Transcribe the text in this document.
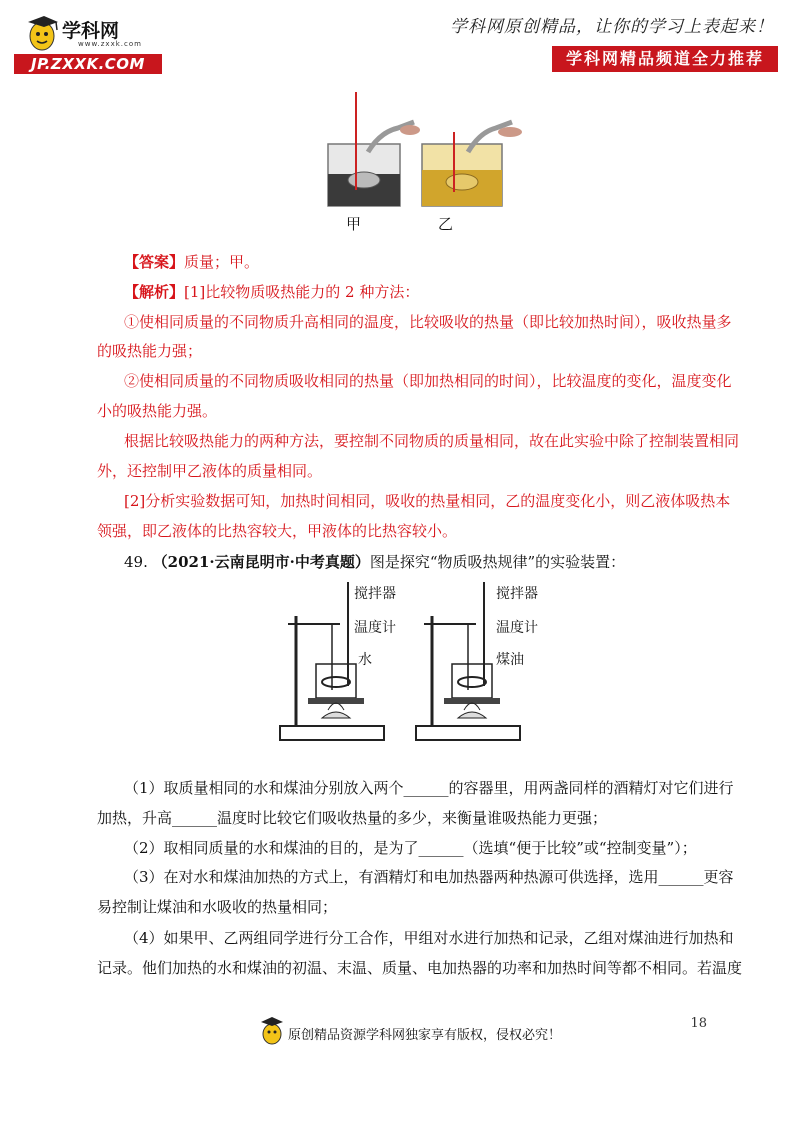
学科网
www.zxxk.com
JP.ZXXK.COM
学科网原创精品，让你的学习上表起来！
学科网精品频道全力推荐
甲	乙
【答案】质量；甲。
【解析】[1]比较物质吸热能力的 2 种方法：
①使相同质量的不同物质升高相同的温度，比较吸收的热量（即比较加热时间），吸收热量多
的吸热能力强；
②使相同质量的不同物质吸收相同的热量（即加热相同的时间），比较温度的变化，温度变化
小的吸热能力强。
根据比较吸热能力的两种方法，要控制不同物质的质量相同，故在此实验中除了控制装置相同
外，还控制甲乙液体的质量相同。
[2]分析实验数据可知，加热时间相同，吸收的热量相同，乙的温度变化小，则乙液体吸热本
领强，即乙液体的比热容较大，甲液体的比热容较小。
49. （2021·云南昆明市·中考真题）图是探究“物质吸热规律”的实验装置：
搅拌器
温度计
水
搅拌器
温度计
煤油
（1）取质量相同的水和煤油分别放入两个______的容器里，用两盏同样的酒精灯对它们进行
加热，升高______温度时比较它们吸收热量的多少，来衡量谁吸热能力更强；
（2）取相同质量的水和煤油的目的，是为了______（选填“便于比较”或“控制变量”）；
（3）在对水和煤油加热的方式上，有酒精灯和电加热器两种热源可供选择，选用______更容
易控制让煤油和水吸收的热量相同；
（4）如果甲、乙两组同学进行分工合作，甲组对水进行加热和记录，乙组对煤油进行加热和
记录。他们加热的水和煤油的初温、末温、质量、电加热器的功率和加热时间等都不相同。若温度
18
原创精品资源学科网独家享有版权，侵权必究！
